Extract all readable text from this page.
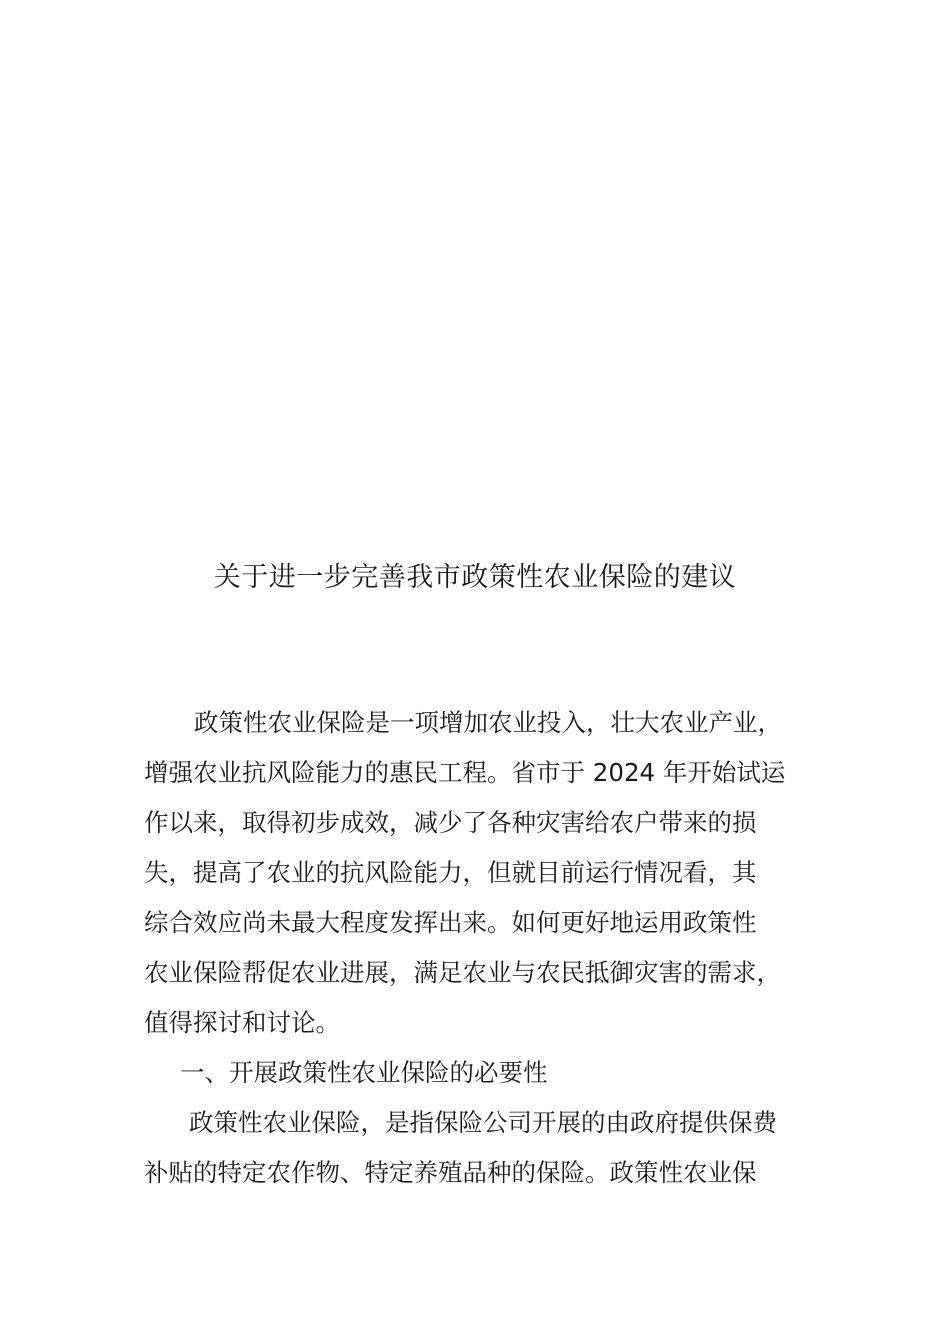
关于进一步完善我市政策性农业保险的建议

政策性农业保险是一项增加农业投入，壮大农业产业，

增强农业抗风险能力的惠民工程。省市于 2024 年开始试运

作以来，取得初步成效，减少了各种灾害给农户带来的损

失，提高了农业的抗风险能力，但就目前运行情况看，其

综合效应尚未最大程度发挥出来。如何更好地运用政策性

农业保险帮促农业进展，满足农业与农民抵御灾害的需求，

值得探讨和讨论。

一、开展政策性农业保险的必要性

政策性农业保险，是指保险公司开展的由政府提供保费

补贴的特定农作物、特定养殖品种的保险。政策性农业保
